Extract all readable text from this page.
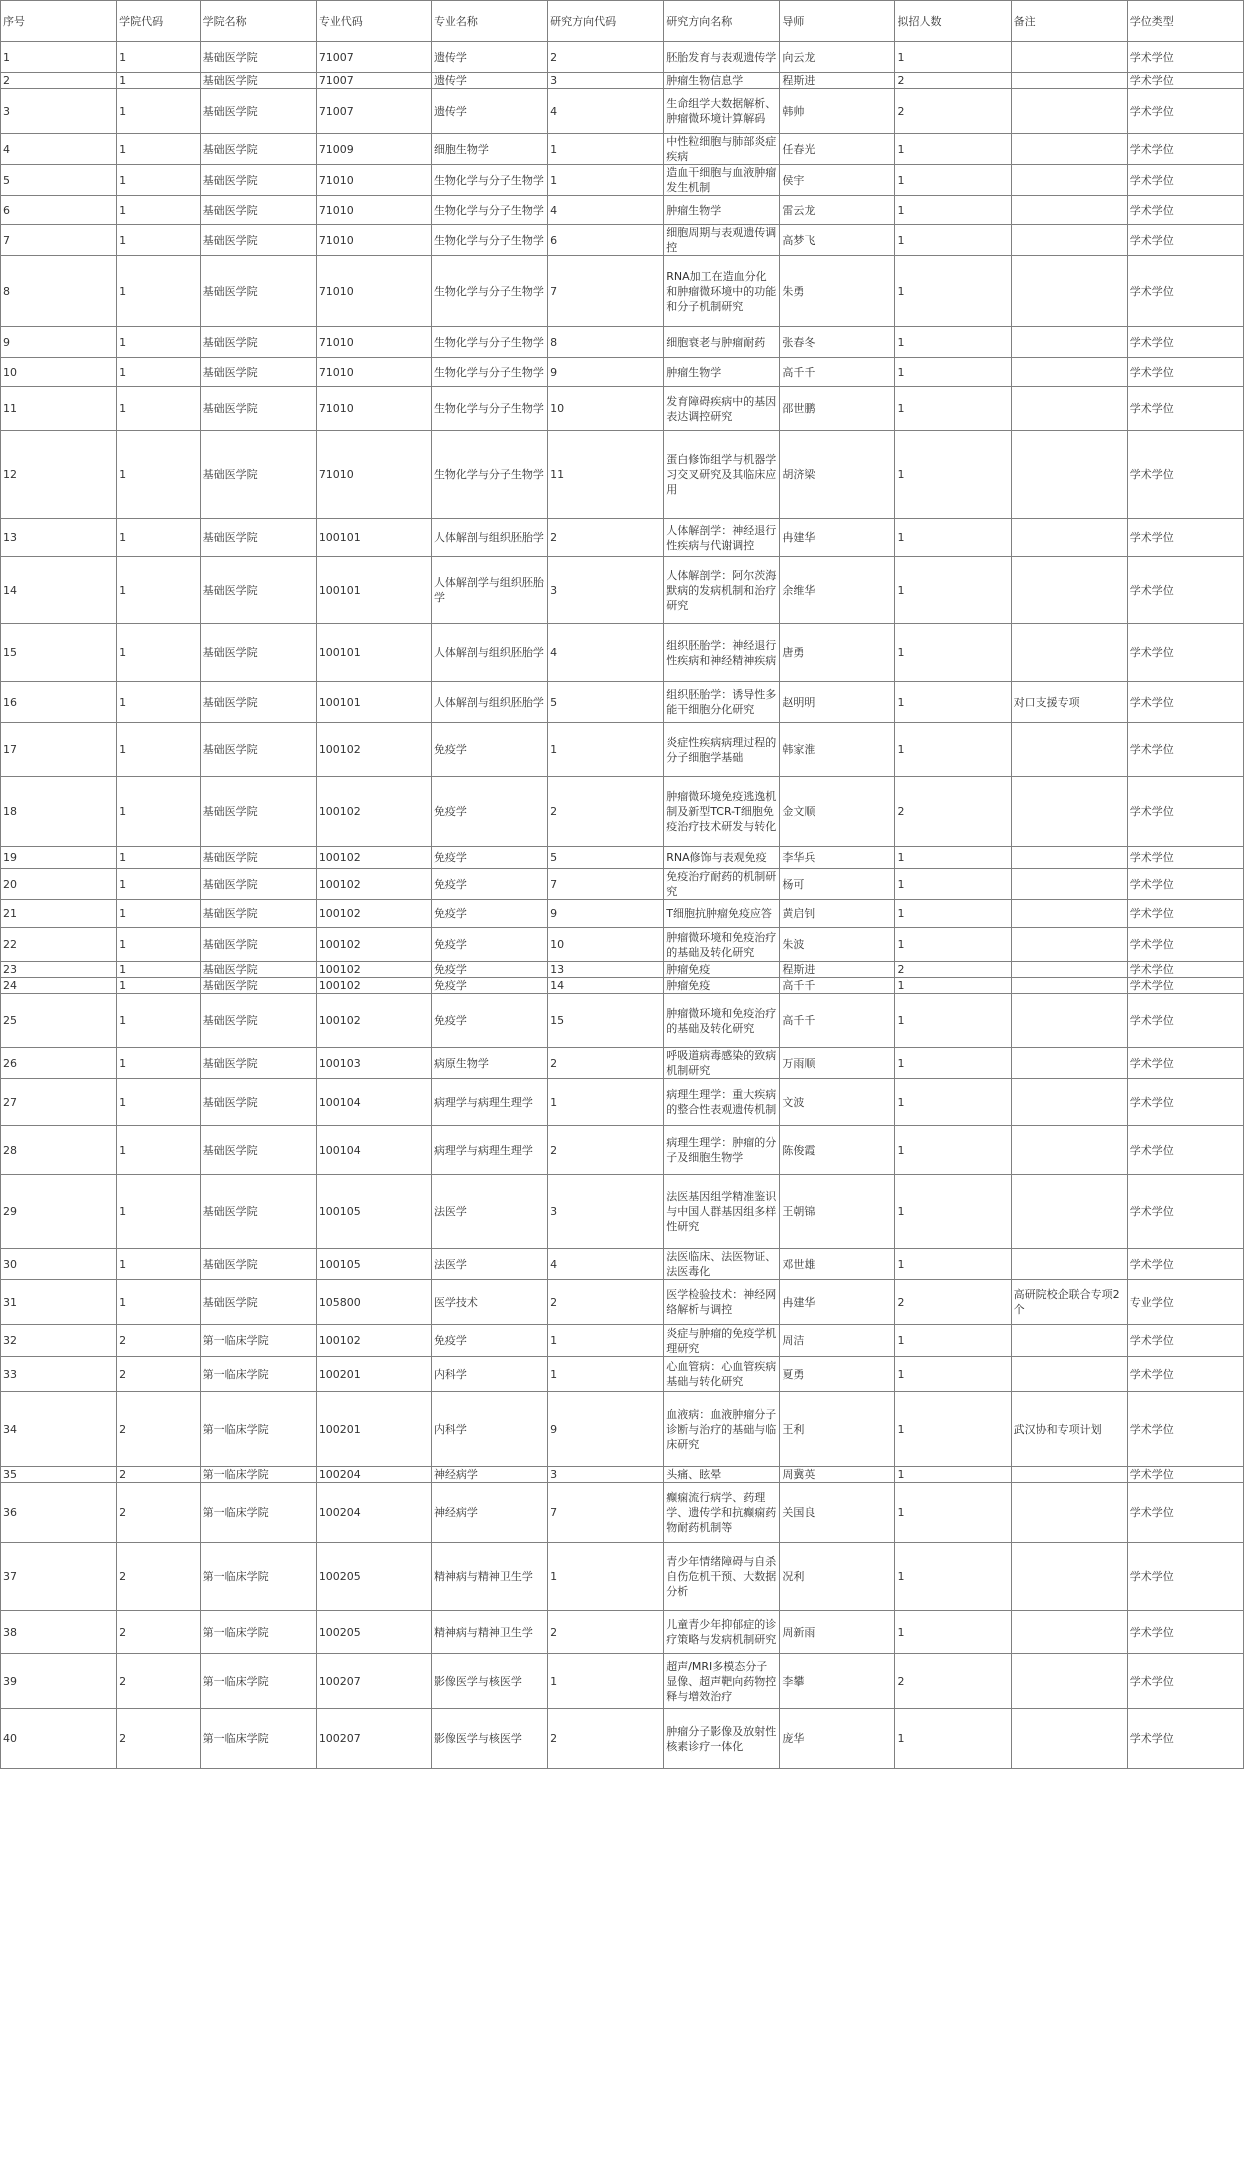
序号	学院代码	学院名称	专业代码	专业名称	研究方向代码	研究方向名称	导师	拟招人数	备注	学位类型
1	1	基础医学院	71007	遗传学	2	胚胎发育与表观遗传学	向云龙	1		学术学位
2	1	基础医学院	71007	遗传学	3	肿瘤生物信息学	程斯进	2		学术学位
3	1	基础医学院	71007	遗传学	4	生命组学大数据解析、肿瘤微环境计算解码	韩帅	2		学术学位
4	1	基础医学院	71009	细胞生物学	1	中性粒细胞与肺部炎症疾病	任春光	1		学术学位
5	1	基础医学院	71010	生物化学与分子生物学	1	造血干细胞与血液肿瘤发生机制	侯宇	1		学术学位
6	1	基础医学院	71010	生物化学与分子生物学	4	肿瘤生物学	雷云龙	1		学术学位
7	1	基础医学院	71010	生物化学与分子生物学	6	细胞周期与表观遗传调控	高梦飞	1		学术学位
8	1	基础医学院	71010	生物化学与分子生物学	7	RNA加工在造血分化和肿瘤微环境中的功能和分子机制研究	朱勇	1		学术学位
9	1	基础医学院	71010	生物化学与分子生物学	8	细胞衰老与肿瘤耐药	张春冬	1		学术学位
10	1	基础医学院	71010	生物化学与分子生物学	9	肿瘤生物学	高千千	1		学术学位
11	1	基础医学院	71010	生物化学与分子生物学	10	发育障碍疾病中的基因表达调控研究	邵世鹏	1		学术学位
12	1	基础医学院	71010	生物化学与分子生物学	11	蛋白修饰组学与机器学习交叉研究及其临床应用	胡济梁	1		学术学位
13	1	基础医学院	100101	人体解剖与组织胚胎学	2	人体解剖学：神经退行性疾病与代谢调控	冉建华	1		学术学位
14	1	基础医学院	100101	人体解剖学与组织胚胎学	3	人体解剖学：阿尔茨海默病的发病机制和治疗研究	余维华	1		学术学位
15	1	基础医学院	100101	人体解剖与组织胚胎学	4	组织胚胎学：神经退行性疾病和神经精神疾病	唐勇	1		学术学位
16	1	基础医学院	100101	人体解剖与组织胚胎学	5	组织胚胎学：诱导性多能干细胞分化研究	赵明明	1	对口支援专项	学术学位
17	1	基础医学院	100102	免疫学	1	炎症性疾病病理过程的分子细胞学基础	韩家淮	1		学术学位
18	1	基础医学院	100102	免疫学	2	肿瘤微环境免疫逃逸机制及新型TCR-T细胞免疫治疗技术研发与转化	金文顺	2		学术学位
19	1	基础医学院	100102	免疫学	5	RNA修饰与表观免疫	李华兵	1		学术学位
20	1	基础医学院	100102	免疫学	7	免疫治疗耐药的机制研究	杨可	1		学术学位
21	1	基础医学院	100102	免疫学	9	T细胞抗肿瘤免疫应答	黄启钊	1		学术学位
22	1	基础医学院	100102	免疫学	10	肿瘤微环境和免疫治疗的基础及转化研究	朱波	1		学术学位
23	1	基础医学院	100102	免疫学	13	肿瘤免疫	程斯进	2		学术学位
24	1	基础医学院	100102	免疫学	14	肿瘤免疫	高千千	1		学术学位
25	1	基础医学院	100102	免疫学	15	肿瘤微环境和免疫治疗的基础及转化研究	高千千	1		学术学位
26	1	基础医学院	100103	病原生物学	2	呼吸道病毒感染的致病机制研究	万雨顺	1		学术学位
27	1	基础医学院	100104	病理学与病理生理学	1	病理生理学：重大疾病的整合性表观遗传机制	文波	1		学术学位
28	1	基础医学院	100104	病理学与病理生理学	2	病理生理学：肿瘤的分子及细胞生物学	陈俊霞	1		学术学位
29	1	基础医学院	100105	法医学	3	法医基因组学精准鉴识与中国人群基因组多样性研究	王朝锦	1		学术学位
30	1	基础医学院	100105	法医学	4	法医临床、法医物证、法医毒化	邓世雄	1		学术学位
31	1	基础医学院	105800	医学技术	2	医学检验技术：神经网络解析与调控	冉建华	2	高研院校企联合专项2个	专业学位
32	2	第一临床学院	100102	免疫学	1	炎症与肿瘤的免疫学机理研究	周洁	1		学术学位
33	2	第一临床学院	100201	内科学	1	心血管病：心血管疾病基础与转化研究	夏勇	1		学术学位
34	2	第一临床学院	100201	内科学	9	血液病：血液肿瘤分子诊断与治疗的基础与临床研究	王利	1	武汉协和专项计划	学术学位
35	2	第一临床学院	100204	神经病学	3	头痛、眩晕	周冀英	1		学术学位
36	2	第一临床学院	100204	神经病学	7	癫痫流行病学、药理学、遗传学和抗癫痫药物耐药机制等	关国良	1		学术学位
37	2	第一临床学院	100205	精神病与精神卫生学	1	青少年情绪障碍与自杀自伤危机干预、大数据分析	况利	1		学术学位
38	2	第一临床学院	100205	精神病与精神卫生学	2	儿童青少年抑郁症的诊疗策略与发病机制研究	周新雨	1		学术学位
39	2	第一临床学院	100207	影像医学与核医学	1	超声/MRI多模态分子显像、超声靶向药物控释与增效治疗	李攀	2		学术学位
40	2	第一临床学院	100207	影像医学与核医学	2	肿瘤分子影像及放射性核素诊疗一体化	庞华	1		学术学位
